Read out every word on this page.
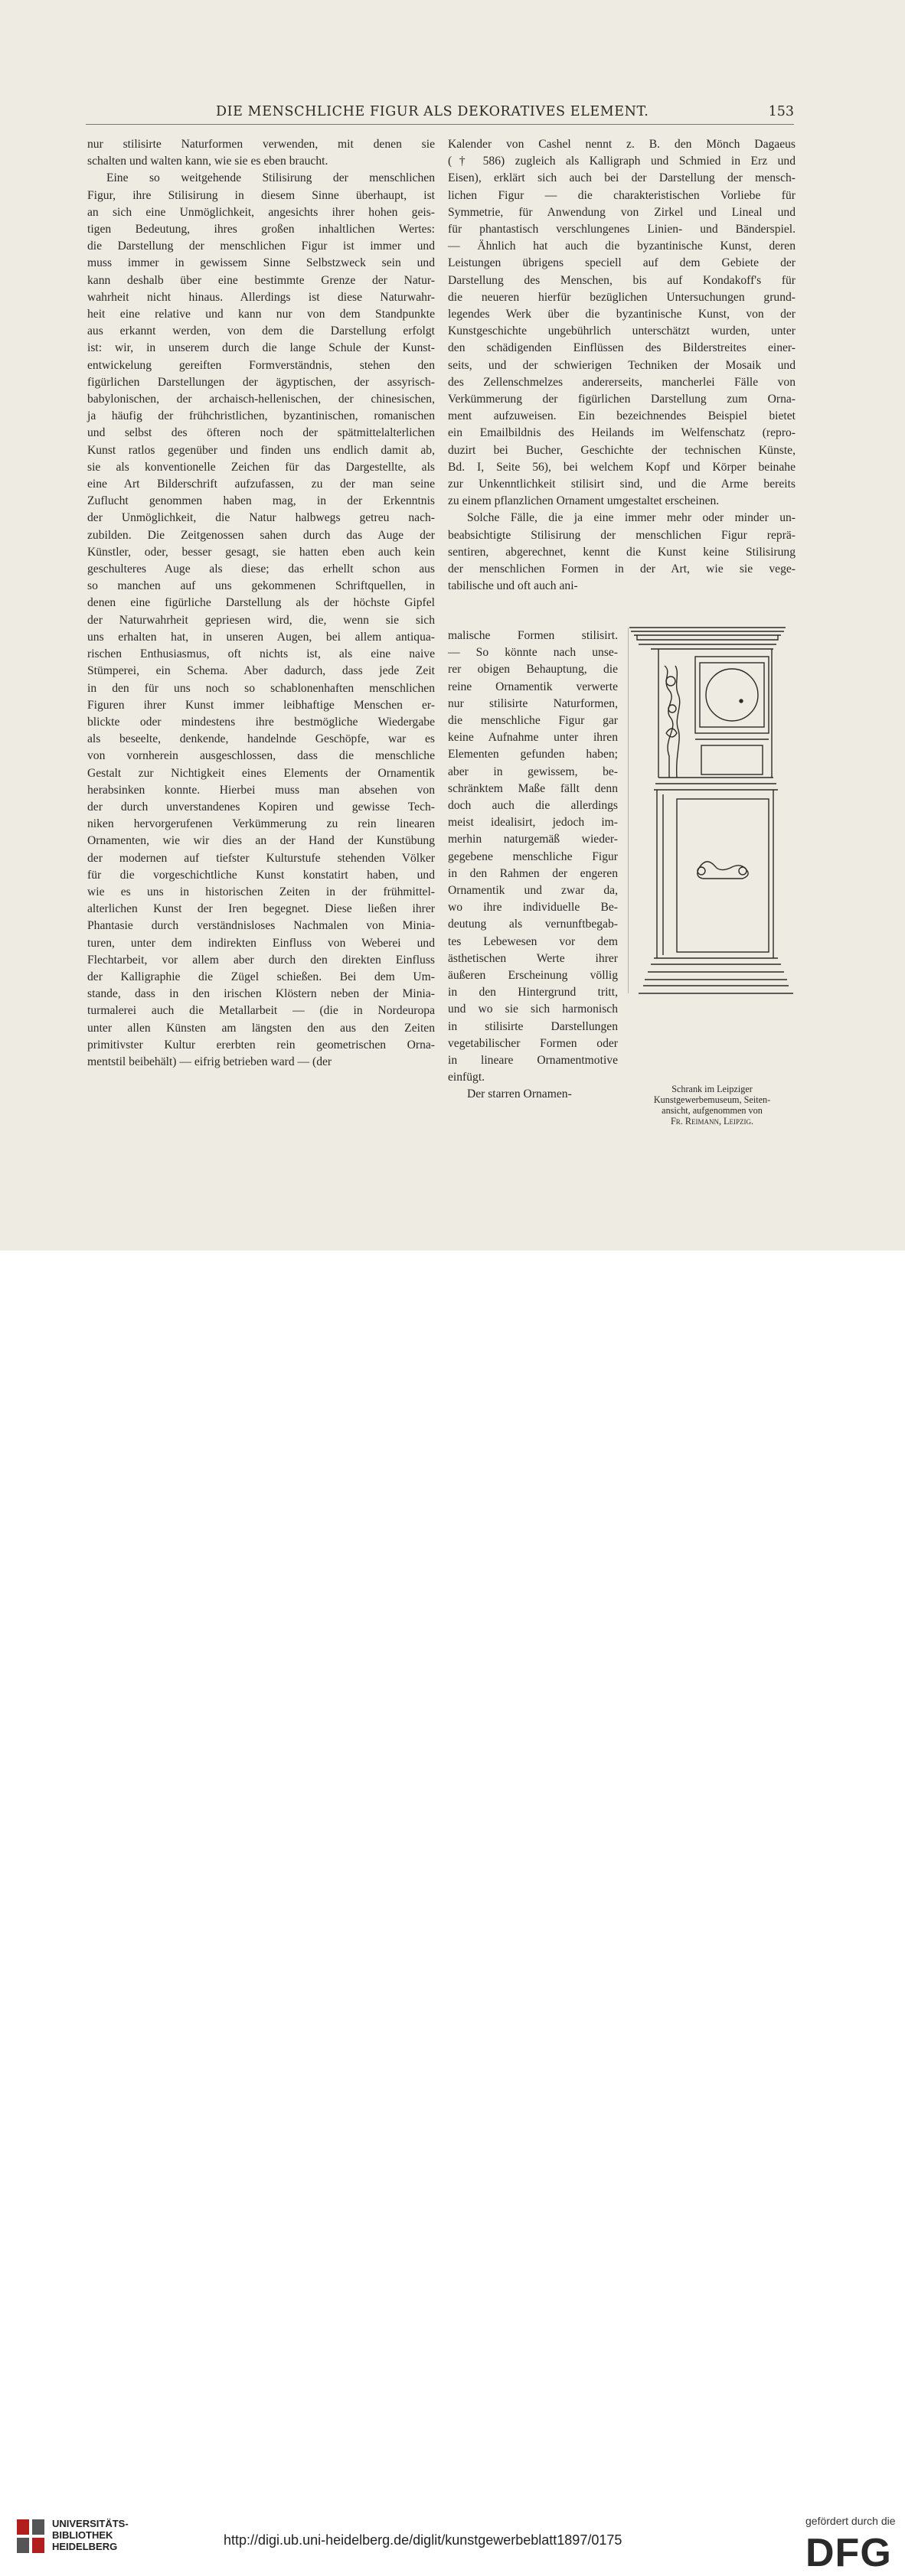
DIE MENSCHLICHE FIGUR ALS DEKORATIVES ELEMENT.	153
nur stilisirte Naturformen verwenden, mit denen sie
schalten und walten kann, wie sie es eben braucht.
Eine so weitgehende Stilisirung der menschlichen
Figur, ihre Stilisirung in diesem Sinne überhaupt, ist
an sich eine Unmöglichkeit, angesichts ihrer hohen geis-
tigen Bedeutung, ihres großen inhaltlichen Wertes:
die Darstellung der menschlichen Figur ist immer und
muss immer in gewissem Sinne Selbstzweck sein und
kann deshalb über eine bestimmte Grenze der Natur-
wahrheit nicht hinaus. Allerdings ist diese Naturwahr-
heit eine relative und kann nur von dem Standpunkte
aus erkannt werden, von dem die Darstellung erfolgt
ist: wir, in unserem durch die lange Schule der Kunst-
entwickelung gereiften Formverständnis, stehen den
figürlichen Darstellungen der ägyptischen, der assyrisch-
babylonischen, der archaisch-hellenischen, der chinesischen,
ja häufig der frühchristlichen, byzantinischen, romanischen
und selbst des öfteren noch der spätmittelalterlichen
Kunst ratlos gegenüber und finden uns endlich damit ab,
sie als konventionelle Zeichen für das Dargestellte, als
eine Art Bilderschrift aufzufassen, zu der man seine
Zuflucht genommen haben mag, in der Erkenntnis
der Unmöglichkeit, die Natur halbwegs getreu nach-
zubilden. Die Zeitgenossen sahen durch das Auge der
Künstler, oder, besser gesagt, sie hatten eben auch kein
geschulteres Auge als diese; das erhellt schon aus
so manchen auf uns gekommenen Schriftquellen, in
denen eine figürliche Darstellung als der höchste Gipfel
der Naturwahrheit gepriesen wird, die, wenn sie sich
uns erhalten hat, in unseren Augen, bei allem antiqua-
rischen Enthusiasmus, oft nichts ist, als eine naive
Stümperei, ein Schema. Aber dadurch, dass jede Zeit
in den für uns noch so schablonenhaften menschlichen
Figuren ihrer Kunst immer leibhaftige Menschen er-
blickte oder mindestens ihre bestmögliche Wiedergabe
als beseelte, denkende, handelnde Geschöpfe, war es
von vornherein ausgeschlossen, dass die menschliche
Gestalt zur Nichtigkeit eines Elements der Ornamentik
herabsinken konnte. Hierbei muss man absehen von
der durch unverstandenes Kopiren und gewisse Tech-
niken hervorgerufenen Verkümmerung zu rein linearen
Ornamenten, wie wir dies an der Hand der Kunstübung
der modernen auf tiefster Kulturstufe stehenden Völker
für die vorgeschichtliche Kunst konstatirt haben, und
wie es uns in historischen Zeiten in der frühmittel-
alterlichen Kunst der Iren begegnet. Diese ließen ihrer
Phantasie durch verständnisloses Nachmalen von Minia-
turen, unter dem indirekten Einfluss von Weberei und
Flechtarbeit, vor allem aber durch den direkten Einfluss
der Kalligraphie die Zügel schießen. Bei dem Um-
stande, dass in den irischen Klöstern neben der Minia-
turmalerei auch die Metallarbeit — (die in Nordeuropa
unter allen Künsten am längsten den aus den Zeiten
primitivster Kultur ererbten rein geometrischen Orna-
mentstil beibehält) — eifrig betrieben ward — (der
Kalender von Cashel nennt z. B. den Mönch Dagaeus
(† 586) zugleich als Kalligraph und Schmied in Erz und
Eisen), erklärt sich auch bei der Darstellung der mensch-
lichen Figur — die charakteristischen Vorliebe für
Symmetrie, für Anwendung von Zirkel und Lineal und
für phantastisch verschlungenes Linien- und Bänderspiel.
— Ähnlich hat auch die byzantinische Kunst, deren
Leistungen übrigens speciell auf dem Gebiete der
Darstellung des Menschen, bis auf Kondakoff's für
die neueren hierfür bezüglichen Untersuchungen grund-
legendes Werk über die byzantinische Kunst, von der
Kunstgeschichte ungebührlich unterschätzt wurden, unter
den schädigenden Einflüssen des Bilderstreites einer-
seits, und der schwierigen Techniken der Mosaik und
des Zellenschmelzes andererseits, mancherlei Fälle von
Verkümmerung der figürlichen Darstellung zum Orna-
ment aufzuweisen. Ein bezeichnendes Beispiel bietet
ein Emailbildnis des Heilands im Welfenschatz (repro-
duzirt bei Bucher, Geschichte der technischen Künste,
Bd. I, Seite 56), bei welchem Kopf und Körper beinahe
zur Unkenntlichkeit stilisirt sind, und die Arme bereits
zu einem pflanzlichen Ornament umgestaltet erscheinen.
Solche Fälle, die ja eine immer mehr oder minder un-
beabsichtigte Stilisirung der menschlichen Figur reprä-
sentiren, abgerechnet, kennt die Kunst keine Stilisirung
der menschlichen Formen in der Art, wie sie vege-
tabilische und oft auch ani-
malische Formen stilisirt.
— So könnte nach unse-
rer obigen Behauptung, die
reine Ornamentik verwerte
nur stilisirte Naturformen,
die menschliche Figur gar
keine Aufnahme unter ihren
Elementen gefunden haben;
aber in gewissem, be-
schränktem Maße fällt denn
doch auch die allerdings
meist idealisirt, jedoch im-
merhin naturgemäß wieder-
gegebene menschliche Figur
in den Rahmen der engeren
Ornamentik und zwar da,
wo ihre individuelle Be-
deutung als vernunftbegab-
tes Lebewesen vor dem
ästhetischen Werte ihrer
äußeren Erscheinung völlig
in den Hintergrund tritt,
und wo sie sich harmonisch
in stilisirte Darstellungen
vegetabilischer Formen oder
in lineare Ornamentmotive
einfügt.
Der starren Ornamen-	Schrank im Leipziger
Kunstgewerbemuseum, Seiten-
ansicht, aufgenommen von
Fr. Reimann, Leipzig.
UNIVERSITÄTS-
BIBLIOTHEK
HEIDELBERG	http://digi.ub.uni-heidelberg.de/diglit/kunstgewerbeblatt1897/0175
gefördert durch die
DFG
